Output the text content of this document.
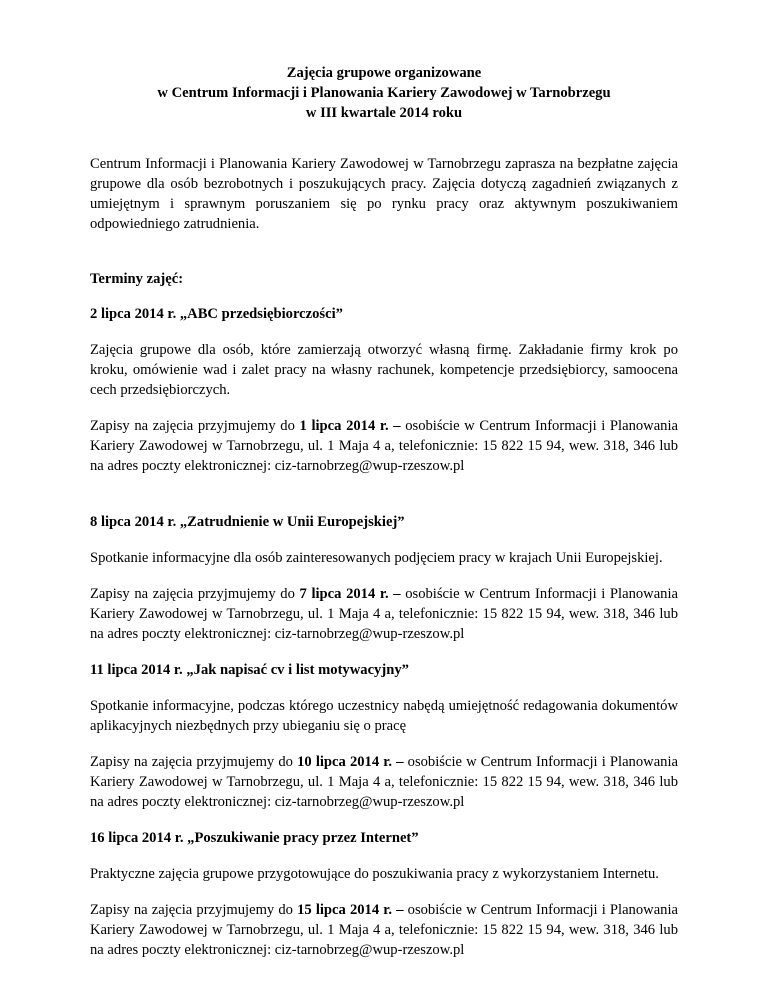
Zajęcia grupowe organizowane
w Centrum Informacji i Planowania Kariery Zawodowej w Tarnobrzegu
w III kwartale 2014 roku

Centrum Informacji i Planowania Kariery Zawodowej w Tarnobrzegu zaprasza na bezpłatne zajęcia grupowe dla osób bezrobotnych i poszukujących pracy. Zajęcia dotyczą zagadnień związanych z umiejętnym i sprawnym poruszaniem się po rynku pracy oraz aktywnym poszukiwaniem odpowiedniego zatrudnienia.

Terminy zajęć:

2 lipca 2014 r. „ABC przedsiębiorczości”

Zajęcia grupowe dla osób, które zamierzają otworzyć własną firmę. Zakładanie firmy krok po kroku, omówienie wad i zalet pracy na własny rachunek, kompetencje przedsiębiorcy, samoocena cech przedsiębiorczych.

Zapisy na zajęcia przyjmujemy do 1 lipca 2014 r. – osobiście w Centrum Informacji i Planowania Kariery Zawodowej w Tarnobrzegu, ul. 1 Maja 4 a, telefonicznie: 15 822 15 94, wew. 318, 346 lub na adres poczty elektronicznej: ciz-tarnobrzeg@wup-rzeszow.pl

8 lipca 2014 r. „Zatrudnienie w Unii Europejskiej”

Spotkanie informacyjne dla osób zainteresowanych podjęciem pracy w krajach Unii Europejskiej.

Zapisy na zajęcia przyjmujemy do 7 lipca 2014 r. – osobiście w Centrum Informacji i Planowania Kariery Zawodowej w Tarnobrzegu, ul. 1 Maja 4 a, telefonicznie: 15 822 15 94, wew. 318, 346 lub na adres poczty elektronicznej: ciz-tarnobrzeg@wup-rzeszow.pl

11 lipca 2014 r. „Jak napisać cv i list motywacyjny”

Spotkanie informacyjne, podczas którego uczestnicy nabędą umiejętność redagowania dokumentów aplikacyjnych niezbędnych przy ubieganiu się o pracę

Zapisy na zajęcia przyjmujemy do 10 lipca 2014 r. – osobiście w Centrum Informacji i Planowania Kariery Zawodowej w Tarnobrzegu, ul. 1 Maja 4 a, telefonicznie: 15 822 15 94, wew. 318, 346 lub na adres poczty elektronicznej: ciz-tarnobrzeg@wup-rzeszow.pl

16 lipca 2014 r. „Poszukiwanie pracy przez Internet”

Praktyczne zajęcia grupowe przygotowujące do poszukiwania pracy z wykorzystaniem Internetu.

Zapisy na zajęcia przyjmujemy do 15 lipca 2014 r. – osobiście w Centrum Informacji i Planowania Kariery Zawodowej w Tarnobrzegu, ul. 1 Maja 4 a, telefonicznie: 15 822 15 94, wew. 318, 346 lub na adres poczty elektronicznej: ciz-tarnobrzeg@wup-rzeszow.pl
